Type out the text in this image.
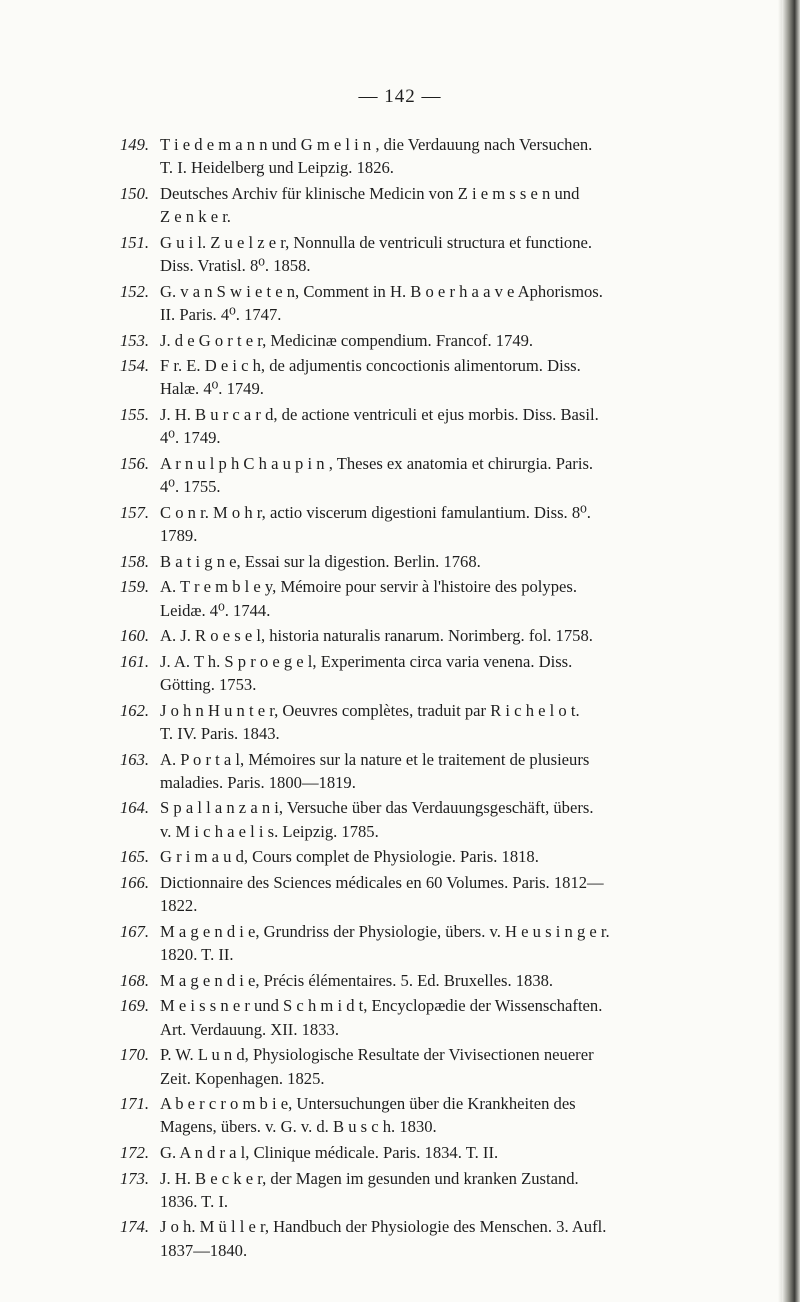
— 142 —
149. T i e d e m a n n und G m e l i n , die Verdauung nach Versuchen.
T. I. Heidelberg und Leipzig. 1826.
150. Deutsches Archiv für klinische Medicin von Z i e m s s e n und
Z e n k e r.
151. G u i l. Z u e l z e r, Nonnulla de ventriculi structura et functione.
Diss. Vratisl. 8⁰. 1858.
152. G. v a n S w i e t e n, Comment in H. B o e r h a a v e Aphorismos.
II. Paris. 4⁰. 1747.
153. J. d e G o r t e r, Medicinæ compendium. Francof. 1749.
154. F r. E. D e i c h, de adjumentis concoctionis alimentorum. Diss.
Halæ. 4⁰. 1749.
155. J. H. B u r c a r d, de actione ventriculi et ejus morbis. Diss. Basil.
4⁰. 1749.
156. A r n u l p h C h a u p i n , Theses ex anatomia et chirurgia. Paris.
4⁰. 1755.
157. C o n r. M o h r, actio viscerum digestioni famulantium. Diss. 8⁰.
1789.
158. B a t i g n e, Essai sur la digestion. Berlin. 1768.
159. A. T r e m b l e y, Mémoire pour servir à l'histoire des polypes.
Leidæ. 4⁰. 1744.
160. A. J. R o e s e l, historia naturalis ranarum. Norimberg. fol. 1758.
161. J. A. T h. S p r o e g e l, Experimenta circa varia venena. Diss.
Götting. 1753.
162. J o h n H u n t e r, Oeuvres complètes, traduit par R i c h e l o t.
T. IV. Paris. 1843.
163. A. P o r t a l, Mémoires sur la nature et le traitement de plusieurs
maladies. Paris. 1800—1819.
164. S p a l l a n z a n i, Versuche über das Verdauungsgeschäft, übers.
v. M i c h a e l i s. Leipzig. 1785.
165. G r i m a u d, Cours complet de Physiologie. Paris. 1818.
166. Dictionnaire des Sciences médicales en 60 Volumes. Paris. 1812—
1822.
167. M a g e n d i e, Grundriss der Physiologie, übers. v. H e u s i n g e r.
1820. T. II.
168. M a g e n d i e, Précis élémentaires. 5. Ed. Bruxelles. 1838.
169. M e i s s n e r und S c h m i d t, Encyclopædie der Wissenschaften.
Art. Verdauung. XII. 1833.
170. P. W. L u n d, Physiologische Resultate der Vivisectionen neuerer
Zeit. Kopenhagen. 1825.
171. A b e r c r o m b i e, Untersuchungen über die Krankheiten des
Magens, übers. v. G. v. d. B u s c h. 1830.
172. G. A n d r a l, Clinique médicale. Paris. 1834. T. II.
173. J. H. B e c k e r, der Magen im gesunden und kranken Zustand.
1836. T. I.
174. J o h. M ü l l e r, Handbuch der Physiologie des Menschen. 3. Aufl.
1837—1840.
